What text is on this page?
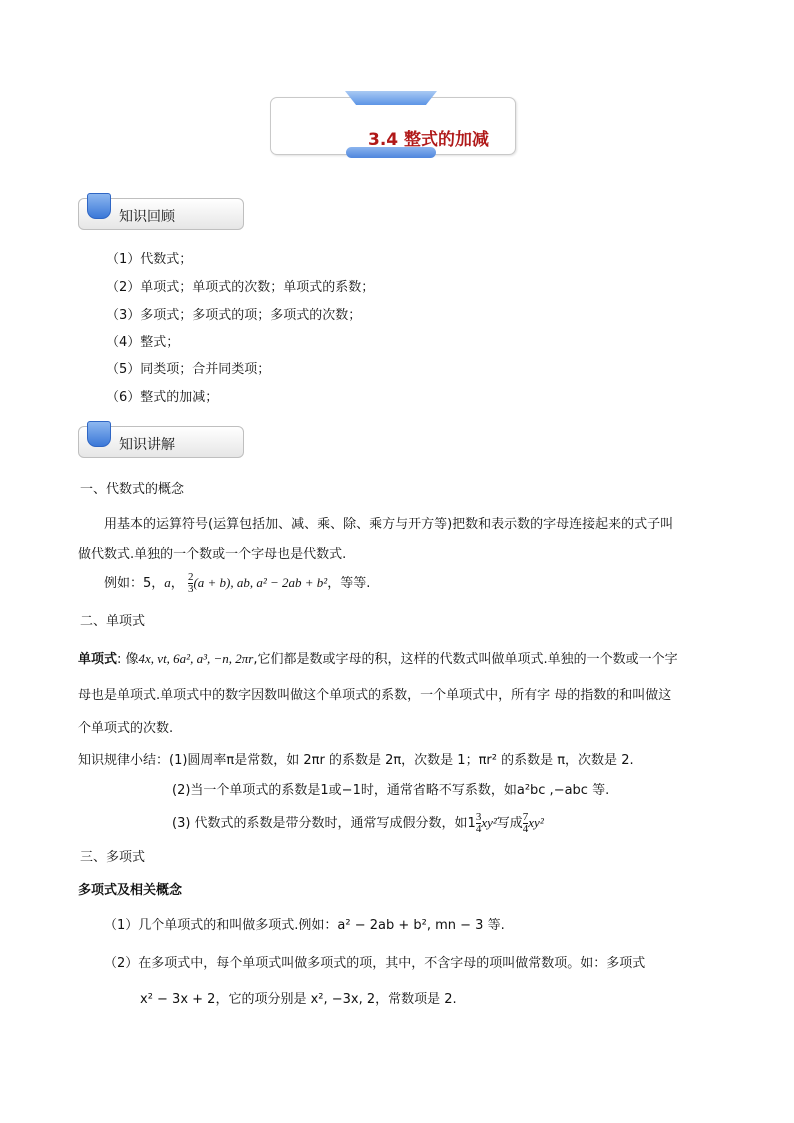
3.4 整式的加减
知识回顾
（1）代数式；
（2）单项式；单项式的次数；单项式的系数；
（3）多项式；多项式的项；多项式的次数；
（4）整式；
（5）同类项；合并同类项；
（6）整式的加减；
知识讲解
一、代数式的概念
用基本的运算符号(运算包括加、减、乘、除、乘方与开方等)把数和表示数的字母连接起来的式子叫
做代数式.单独的一个数或一个字母也是代数式.
例如：5，a， $\frac{2}{3} (a + b)$, ab, a² − 2ab + b²，等等.
二、单项式
单项式: 像4x, vt, 6a², a³, −n, 2πr,它们都是数或字母的积，这样的代数式叫做单项式.单独的一个数或一个字
母也是单项式.单项式中的数字因数叫做这个单项式的系数，一个单项式中，所有字 母的指数的和叫做这
个单项式的次数.
知识规律小结：(1)圆周率π是常数，如 2πr 的系数是 2π，次数是 1；πr² 的系数是 π，次数是 2.
(2)当一个单项式的系数是1或−1时，通常省略不写系数，如a²bc ,−abc 等.
(3) 代数式的系数是带分数时，通常写成假分数，如$1 \frac{3}{4} xy^2$写成 $\frac{7}{4} xy^2$
三、多项式
多项式及相关概念
（1）几个单项式的和叫做多项式.例如：a² − 2ab + b², mn − 3 等.
（2）在多项式中，每个单项式叫做多项式的项，其中，不含字母的项叫做常数项。如：多项式
x² − 3x + 2，它的项分别是 x², −3x, 2，常数项是 2.
